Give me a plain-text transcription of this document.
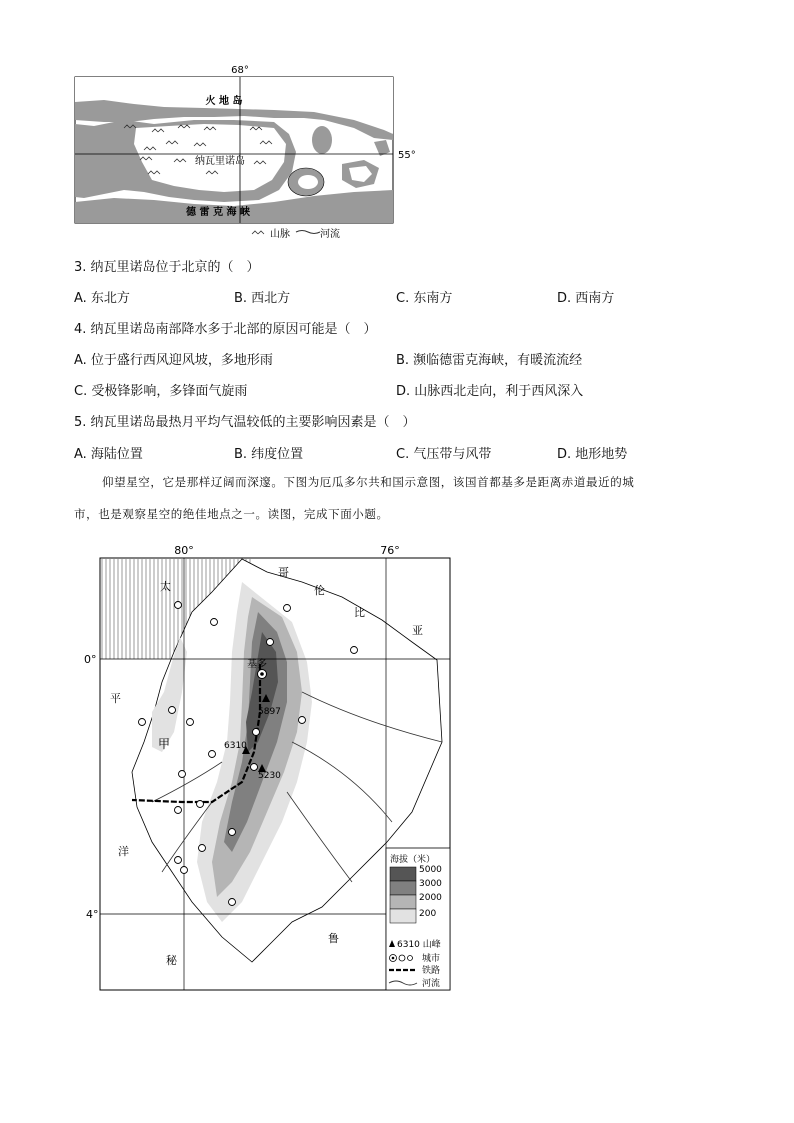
68°
55°
火 地 岛
纳瓦里诺岛
德 雷 克 海 峡
山脉	河流
3. 纳瓦里诺岛位于北京的（　）
A. 东北方	B. 西北方	C. 东南方	D. 西南方
4. 纳瓦里诺岛南部降水多于北部的原因可能是（　）
A. 位于盛行西风迎风坡，多地形雨	B. 濒临德雷克海峡，有暖流流经
C. 受极锋影响，多锋面气旋雨	D. 山脉西北走向，利于西风深入
5. 纳瓦里诺岛最热月平均气温较低的主要影响因素是（　）
A. 海陆位置	B. 纬度位置	C. 气压带与风带	D. 地形地势
仰望星空，它是那样辽阔而深邃。下图为厄瓜多尔共和国示意图，该国首都基多是距离赤道最近的城
市，也是观察星空的绝佳地点之一。读图，完成下面小题。
80°	76°
0°
4°
太
平
洋
哥
伦
比
亚
秘
鲁
基多
甲
5897
6310
5230
海拔（米）
5000
3000
2000
200
6310 山峰
城市
铁路
河流
